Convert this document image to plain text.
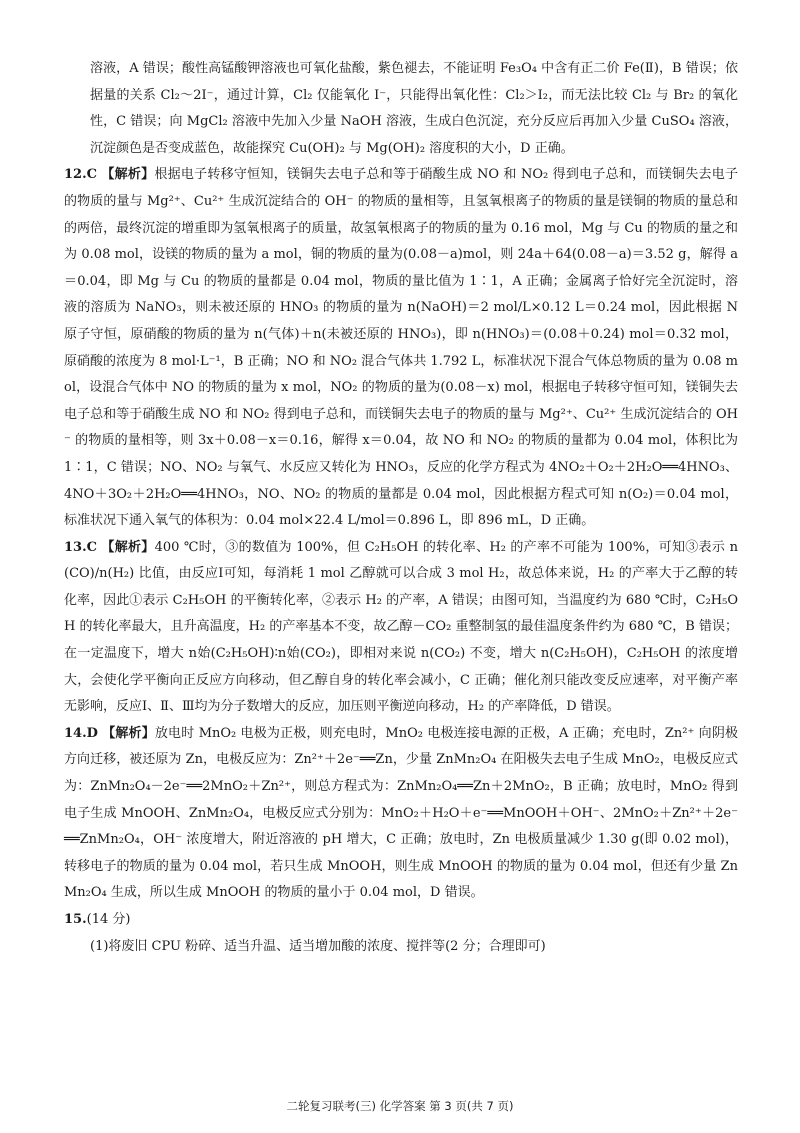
溶液，A 错误；酸性高锰酸钾溶液也可氧化盐酸，紫色褪去，不能证明 Fe₃O₄ 中含有正二价 Fe(Ⅱ)，B 错误；依据量的关系 Cl₂～2I⁻，通过计算，Cl₂ 仅能氧化 I⁻，只能得出氧化性：Cl₂＞I₂，而无法比较 Cl₂ 与 Br₂ 的氧化性，C 错误；向 MgCl₂ 溶液中先加入少量 NaOH 溶液，生成白色沉淀，充分反应后再加入少量 CuSO₄ 溶液，沉淀颜色是否变成蓝色，故能探究 Cu(OH)₂ 与 Mg(OH)₂ 溶度积的大小，D 正确。

12.C 【解析】根据电子转移守恒知，镁铜失去电子总和等于硝酸生成 NO 和 NO₂ 得到电子总和，而镁铜失去电子的物质的量与 Mg²⁺、Cu²⁺ 生成沉淀结合的 OH⁻ 的物质的量相等，且氢氧根离子的物质的量是镁铜的物质的量总和的两倍，最终沉淀的增重即为氢氧根离子的质量，故氢氧根离子的物质的量为 0.16 mol，Mg 与 Cu 的物质的量之和为 0.08 mol，设镁的物质的量为 a mol，铜的物质的量为(0.08－a)mol，则 24a＋64(0.08－a)＝3.52 g，解得 a＝0.04，即 Mg 与 Cu 的物质的量都是 0.04 mol，物质的量比值为 1∶1，A 正确；金属离子恰好完全沉淀时，溶液的溶质为 NaNO₃，则未被还原的 HNO₃ 的物质的量为 n(NaOH)＝2 mol/L×0.12 L＝0.24 mol，因此根据 N 原子守恒，原硝酸的物质的量为 n(气体)＋n(未被还原的 HNO₃)，即 n(HNO₃)＝(0.08＋0.24) mol＝0.32 mol，原硝酸的浓度为 8 mol·L⁻¹，B 正确；NO 和 NO₂ 混合气体共 1.792 L，标准状况下混合气体总物质的量为 0.08 mol，设混合气体中 NO 的物质的量为 x mol，NO₂ 的物质的量为(0.08－x) mol，根据电子转移守恒可知，镁铜失去电子总和等于硝酸生成 NO 和 NO₂ 得到电子总和，而镁铜失去电子的物质的量与 Mg²⁺、Cu²⁺ 生成沉淀结合的 OH⁻ 的物质的量相等，则 3x＋0.08－x＝0.16，解得 x＝0.04，故 NO 和 NO₂ 的物质的量都为 0.04 mol，体积比为 1∶1，C 错误；NO、NO₂ 与氧气、水反应又转化为 HNO₃，反应的化学方程式为 4NO₂＋O₂＋2H₂O══4HNO₃、4NO＋3O₂＋2H₂O══4HNO₃，NO、NO₂ 的物质的量都是 0.04 mol，因此根据方程式可知 n(O₂)＝0.04 mol，标准状况下通入氧气的体积为：0.04 mol×22.4 L/mol＝0.896 L，即 896 mL，D 正确。

13.C 【解析】400 ℃时，③的数值为 100%，但 C₂H₅OH 的转化率、H₂ 的产率不可能为 100%，可知③表示 n(CO)/n(H₂) 比值，由反应Ⅰ可知，每消耗 1 mol 乙醇就可以合成 3 mol H₂，故总体来说，H₂ 的产率大于乙醇的转化率，因此①表示 C₂H₅OH 的平衡转化率，②表示 H₂ 的产率，A 错误；由图可知，当温度约为 680 ℃时，C₂H₅OH 的转化率最大，且升高温度，H₂ 的产率基本不变，故乙醇－CO₂ 重整制氢的最佳温度条件约为 680 ℃，B 错误；在一定温度下，增大 n始(C₂H₅OH)∶n始(CO₂)，即相对来说 n(CO₂) 不变，增大 n(C₂H₅OH)，C₂H₅OH 的浓度增大，会使化学平衡向正反应方向移动，但乙醇自身的转化率会减小，C 正确；催化剂只能改变反应速率，对平衡产率无影响，反应Ⅰ、Ⅱ、Ⅲ均为分子数增大的反应，加压则平衡逆向移动，H₂ 的产率降低，D 错误。

14.D 【解析】放电时 MnO₂ 电极为正极，则充电时，MnO₂ 电极连接电源的正极，A 正确；充电时，Zn²⁺ 向阴极方向迁移，被还原为 Zn，电极反应为：Zn²⁺＋2e⁻══Zn，少量 ZnMn₂O₄ 在阳极失去电子生成 MnO₂，电极反应式为：ZnMn₂O₄－2e⁻══2MnO₂＋Zn²⁺，则总方程式为：ZnMn₂O₄══Zn＋2MnO₂，B 正确；放电时，MnO₂ 得到电子生成 MnOOH、ZnMn₂O₄，电极反应式分别为：MnO₂＋H₂O＋e⁻══MnOOH＋OH⁻、2MnO₂＋Zn²⁺＋2e⁻══ZnMn₂O₄，OH⁻ 浓度增大，附近溶液的 pH 增大，C 正确；放电时，Zn 电极质量减少 1.30 g(即 0.02 mol)，转移电子的物质的量为 0.04 mol，若只生成 MnOOH，则生成 MnOOH 的物质的量为 0.04 mol，但还有少量 ZnMn₂O₄ 生成，所以生成 MnOOH 的物质的量小于 0.04 mol，D 错误。

15.(14 分)

(1)将废旧 CPU 粉碎、适当升温、适当增加酸的浓度、搅拌等(2 分；合理即可)

二轮复习联考(三) 化学答案 第 3 页(共 7 页)
